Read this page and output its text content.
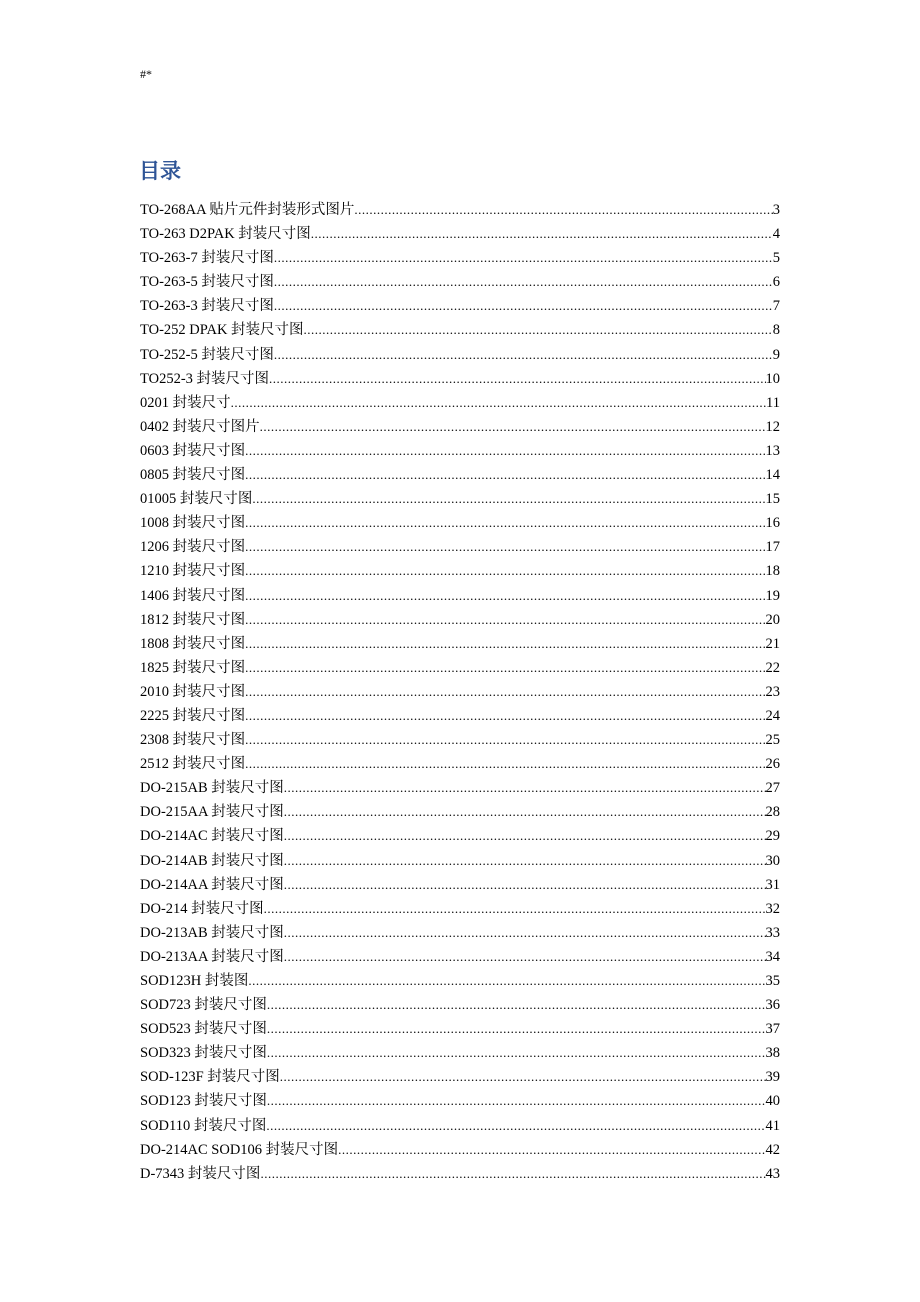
#*
目录
TO-268AA 贴片元件封装形式图片 .....	3
TO-263 D2PAK 封装尺寸图 .....	4
TO-263-7 封装尺寸图 .....	5
TO-263-5 封装尺寸图 .....	6
TO-263-3 封装尺寸图 .....	7
TO-252 DPAK 封装尺寸图 .....	8
TO-252-5 封装尺寸图 .....	9
TO252-3 封装尺寸图 .....	10
0201 封装尺寸 .....	11
0402 封装尺寸图片 .....	12
0603 封装尺寸图 .....	13
0805 封装尺寸图 .....	14
01005 封装尺寸图 .....	15
1008 封装尺寸图 .....	16
1206 封装尺寸图 .....	17
1210 封装尺寸图 .....	18
1406 封装尺寸图 .....	19
1812 封装尺寸图 .....	20
1808 封装尺寸图 .....	21
1825 封装尺寸图 .....	22
2010 封装尺寸图 .....	23
2225 封装尺寸图 .....	24
2308 封装尺寸图 .....	25
2512 封装尺寸图 .....	26
DO-215AB 封装尺寸图 .....	27
DO-215AA 封装尺寸图 .....	28
DO-214AC 封装尺寸图 .....	29
DO-214AB 封装尺寸图 .....	30
DO-214AA 封装尺寸图 .....	31
DO-214 封装尺寸图 .....	32
DO-213AB 封装尺寸图 .....	33
DO-213AA 封装尺寸图 .....	34
SOD123H 封装图 .....	35
SOD723 封装尺寸图 .....	36
SOD523 封装尺寸图 .....	37
SOD323 封装尺寸图 .....	38
SOD-123F 封装尺寸图 .....	39
SOD123 封装尺寸图 .....	40
SOD110 封装尺寸图 .....	41
DO-214AC SOD106 封装尺寸图 .....	42
D-7343 封装尺寸图 .....	43
